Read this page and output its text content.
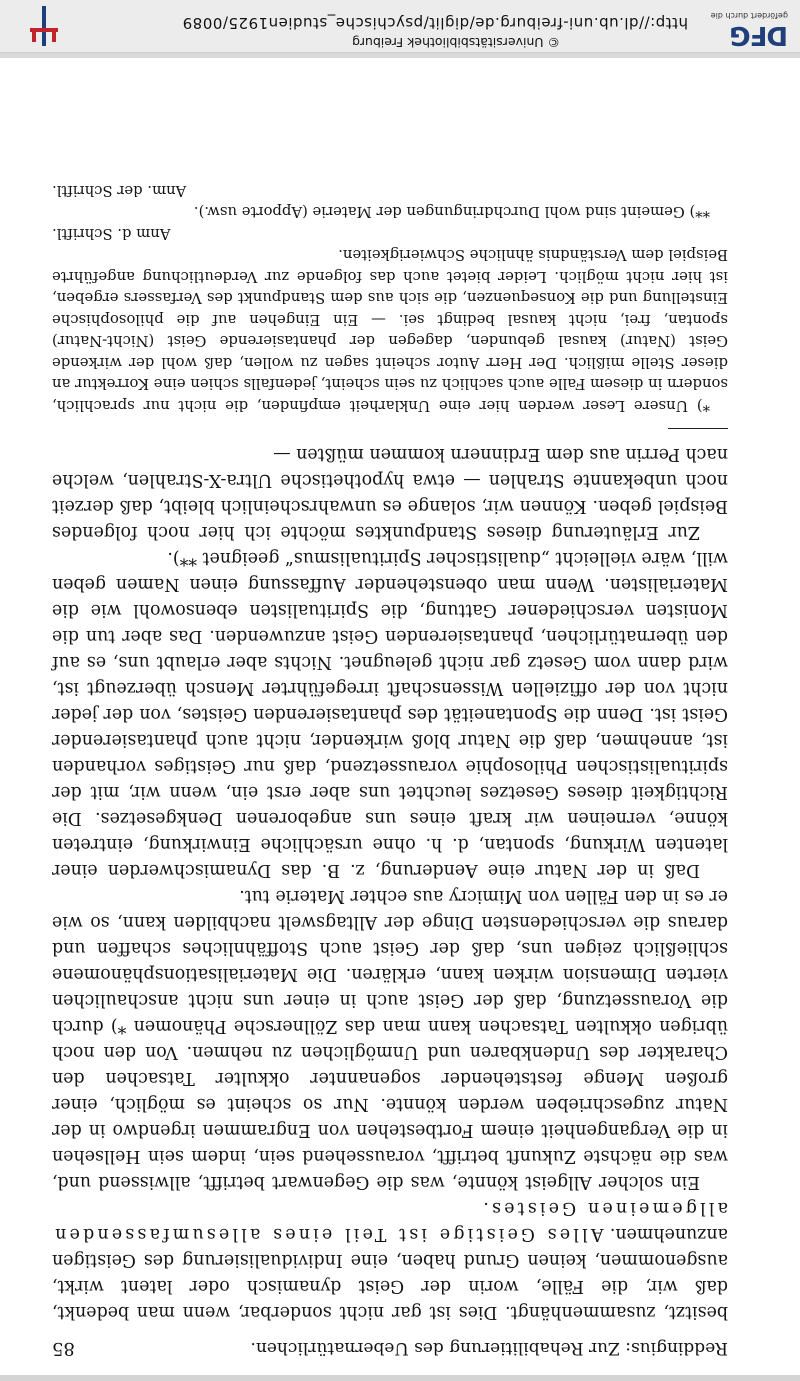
Reddingius: Zur Rehabilitierung des Uebernatürlichen.
85

besitzt, zusammenhängt. Dies ist gar nicht sonderbar, wenn man bedenkt, daß wir, die Fälle, worin der Geist dynamisch oder latent wirkt, ausgenommen, keinen Grund haben, eine Individualisierung des Geistigen anzunehmen. Alles Geistige ist Teil eines allesumfassenden allgemeinen Geistes.

Ein solcher Allgeist könnte, was die Gegenwart betrifft, allwissend und, was die nächste Zukunft betrifft, voraussehend sein, indem sein Hellsehen in die Vergangenheit einem Fortbestehen von Engrammen irgendwo in der Natur zugeschrieben werden könnte. Nur so scheint es möglich, einer großen Menge feststehender sogenannter okkulter Tatsachen den Charakter des Undenkbaren und Unmöglichen zu nehmen. Von den noch übrigen okkulten Tatsachen kann man das Zöllnersche Phänomen *) durch die Voraussetzung, daß der Geist auch in einer uns nicht anschaulichen vierten Dimension wirken kann, erklären. Die Materialisationsphänomene schließlich zeigen uns, daß der Geist auch Stoffähnliches schaffen und daraus die verschiedensten Dinge der Alltagswelt nachbilden kann, so wie er es in den Fällen von Mimicry aus echter Materie tut.

Daß in der Natur eine Aenderung, z. B. das Dynamischwerden einer latenten Wirkung, spontan, d. h. ohne ursächliche Einwirkung, eintreten könne, verneinen wir kraft eines uns angeborenen Denkgesetzes. Die Richtigkeit dieses Gesetzes leuchtet uns aber erst ein, wenn wir, mit der spiritualistischen Philosophie voraussetzend, daß nur Geistiges vorhanden ist, annehmen, daß die Natur bloß wirkender, nicht auch phantasierender Geist ist. Denn die Spontaneität des phantasierenden Geistes, von der jeder nicht von der offiziellen Wissenschaft irregeführter Mensch überzeugt ist, wird dann vom Gesetz gar nicht geleugnet. Nichts aber erlaubt uns, es auf den übernatürlichen, phantasierenden Geist anzuwenden. Das aber tun die Monisten verschiedener Gattung, die Spiritualisten ebensowohl wie die Materialisten. Wenn man obenstehender Auffassung einen Namen geben will, wäre vielleicht „dualistischer Spiritualismus“ geeignet **).

Zur Erläuterung dieses Standpunktes möchte ich hier noch folgendes Beispiel geben. Können wir, solange es unwahrscheinlich bleibt, daß derzeit noch unbekannte Strahlen — etwa hypothetische Ultra-X-Strahlen, welche nach Perrin aus dem Erdinnern kommen müßten —

*) Unsere Leser werden hier eine Unklarheit empfinden, die nicht nur sprachlich, sondern in diesem Falle auch sachlich zu sein scheint, jedenfalls schien eine Korrektur an dieser Stelle mißlich. Der Herr Autor scheint sagen zu wollen, daß wohl der wirkende Geist (Natur) kausal gebunden, dagegen der phantasierende Geist (Nicht-Natur) spontan, frei, nicht kausal bedingt sei. — Ein Eingehen auf die philosophische Einstellung und die Konsequenzen, die sich aus dem Standpunkt des Verfassers ergeben, ist hier nicht möglich. Leider bietet auch das folgende zur Verdeutlichung angeführte Beispiel dem Verständnis ähnliche Schwierigkeiten.

Anm d. Schriftl.

**) Gemeint sind wohl Durchdringungen der Materie (Apporte usw.).

Anm. der Schriftl.
DFG
gefördert durch die
© Universitätsbibliothek Freiburg
http://dl.ub.uni-freiburg.de/diglit/psychische_studien1925/0089
